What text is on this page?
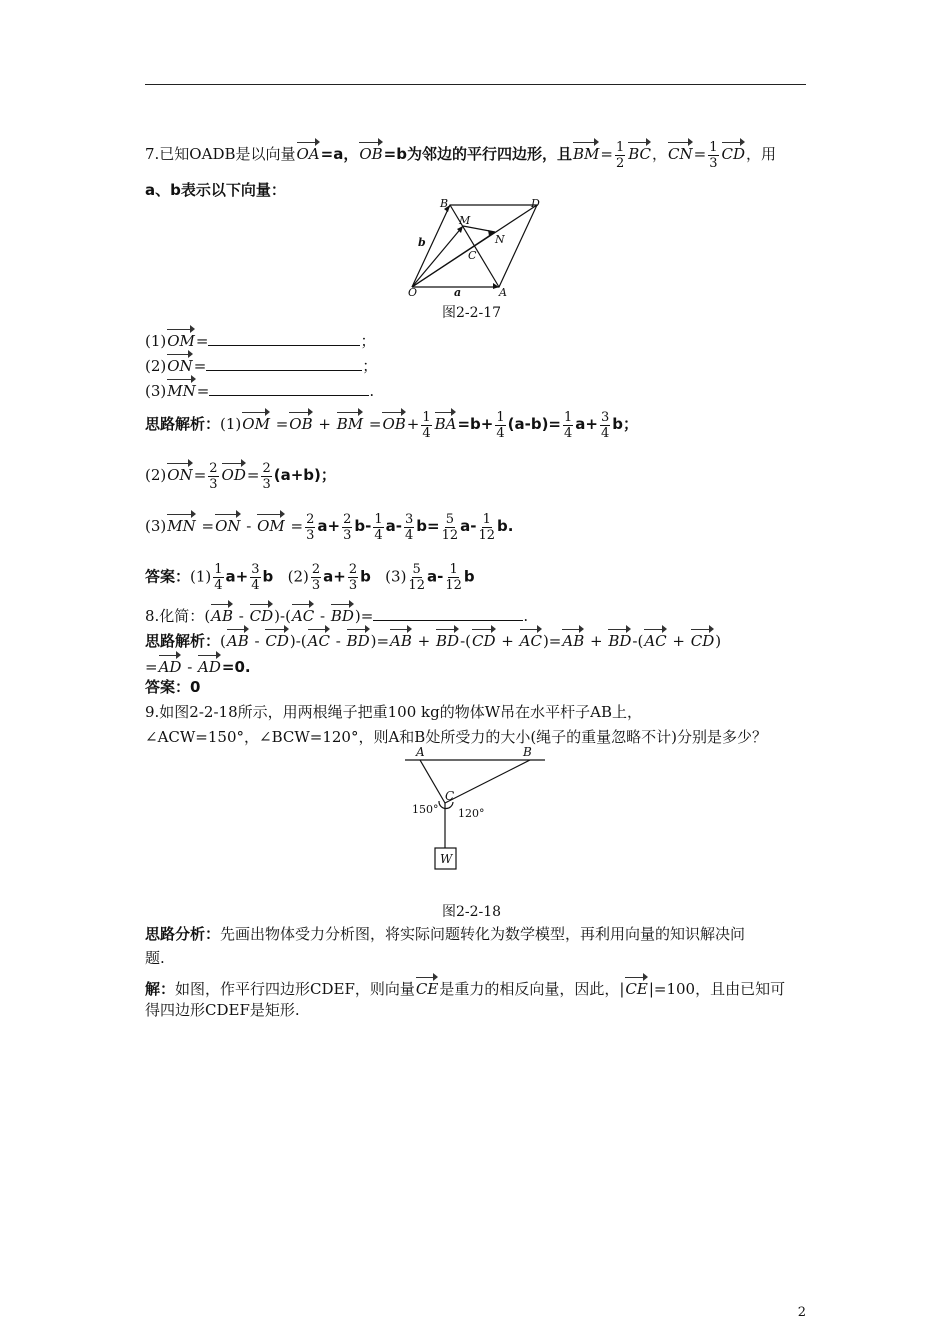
7.已知OADB是以向量OA=a，OB=b为邻边的平行四边形，且$BM= \frac{1}{2}$ BC，$CN= \frac{1}{3}$ CD，用
a、b表示以下向量：
B	D
M
N
b
C
O	a	A
图2-2-17
(1)OM=	；
(2)ON=	；
(3)MN=	.
思路解析：(1)OM =OB + BM $=OB+ \frac{1}{4} BA=b+ \frac{1}{4} (a-b)= \frac{1}{4} a+ \frac{3}{4}$ b；
$(2)ON= \frac{2}{3} OD= \frac{2}{3} (a+b)$；
(3)MN =ON - OM = $\frac{2}{3} a+ \frac{2}{3} b- \frac{1}{4} a- \frac{3}{4} b= \frac{5}{12} a- \frac{1}{12} b$.
答案：$(1) \frac{1}{4} a+ \frac{3}{4}$ b $(2) \frac{2}{3} a+ \frac{2}{3}$ b $(3) \frac{5}{12} a- \frac{1}{12}$ b
8.化简：(AB - CD)-(AC - BD)=	.
思路解析：(AB - CD)-(AC - BD)=AB + BD-(CD + AC)=AB + BD-(AC + CD)
=AD - AD=0.
答案：0
9.如图2-2-18所示，用两根绳子把重100 kg的物体W吊在水平杆子AB上，
∠ACW=150°，∠BCW=120°，则A和B处所受力的大小(绳子的重量忽略不计)分别是多少？
A	B
C
150° 120°
W
图2-2-18
思路分析：先画出物体受力分析图，将实际问题转化为数学模型，再利用向量的知识解决问
题.
解：如图，作平行四边形CDEF，则向量CE是重力的相反向量，因此，|CE|=100，且由已知可
得四边形CDEF是矩形.
2
